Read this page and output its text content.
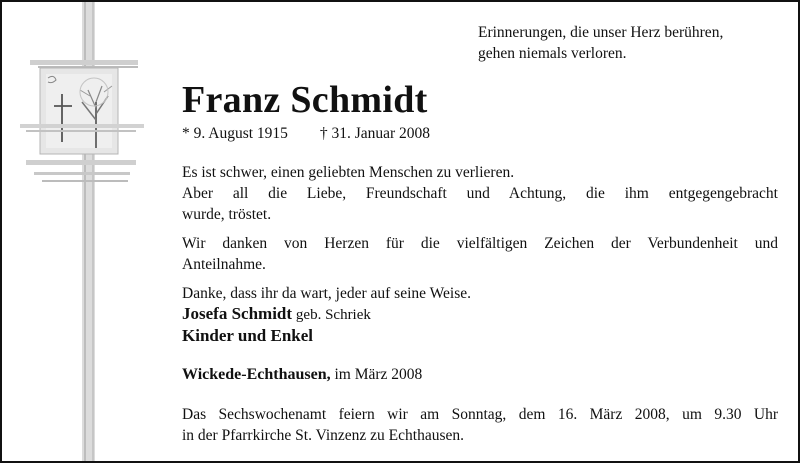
Erinnerungen, die unser Herz berühren,
gehen niemals verloren.
Franz Schmidt
* 9. August 1915 † 31. Januar 2008
Es ist schwer, einen geliebten Menschen zu verlieren.
Aber all die Liebe, Freundschaft und Achtung, die ihm entgegengebracht
wurde, tröstet.
Wir danken von Herzen für die vielfältigen Zeichen der Verbundenheit und
Anteilnahme.
Danke, dass ihr da wart, jeder auf seine Weise.
Josefa Schmidt geb. Schriek
Kinder und Enkel
Wickede-Echthausen, im März 2008
Das Sechswochenamt feiern wir am Sonntag, dem 16. März 2008, um 9.30 Uhr
in der Pfarrkirche St. Vinzenz zu Echthausen.
